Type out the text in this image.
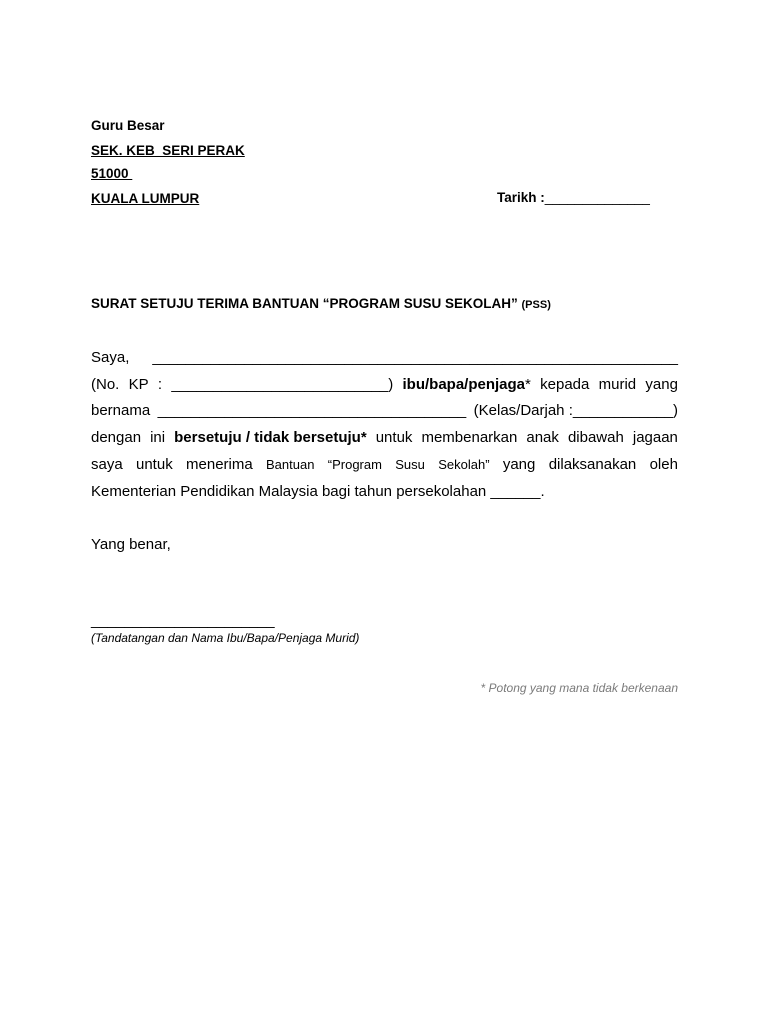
Guru Besar
SEK. KEB  SERI PERAK
51000
KUALA LUMPUR	Tarikh :______________
SURAT SETUJU TERIMA BANTUAN “PROGRAM SUSU SEKOLAH” (PSS)
Saya, _______________________________________________________________
(No. KP : __________________________) ibu/bapa/penjaga* kepada murid yang
bernama _____________________________________ (Kelas/Darjah :____________)
dengan ini bersetuju / tidak bersetuju* untuk membenarkan anak dibawah jagaan
saya untuk menerima Bantuan “Program Susu Sekolah” yang dilaksanakan oleh
Kementerian Pendidikan Malaysia bagi tahun persekolahan ______.
Yang benar,
______________________
(Tandatangan dan Nama Ibu/Bapa/Penjaga Murid)
* Potong yang mana tidak berkenaan
